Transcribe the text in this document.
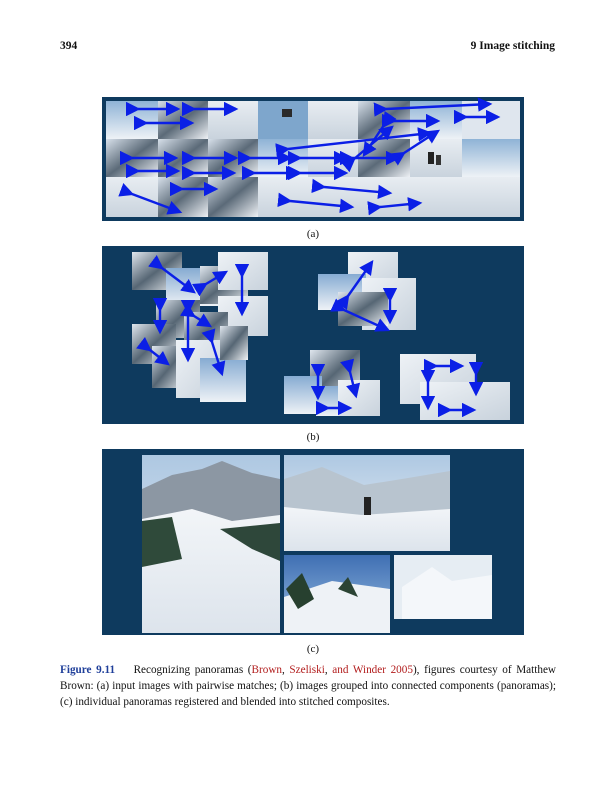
394	9 Image stitching
(a)
(b)
(c)
Figure 9.11 Recognizing panoramas (Brown, Szeliski, and Winder 2005), figures courtesy of Matthew Brown: (a) input images with pairwise matches; (b) images grouped into connected components (panoramas); (c) individual panoramas registered and blended into stitched composites.
